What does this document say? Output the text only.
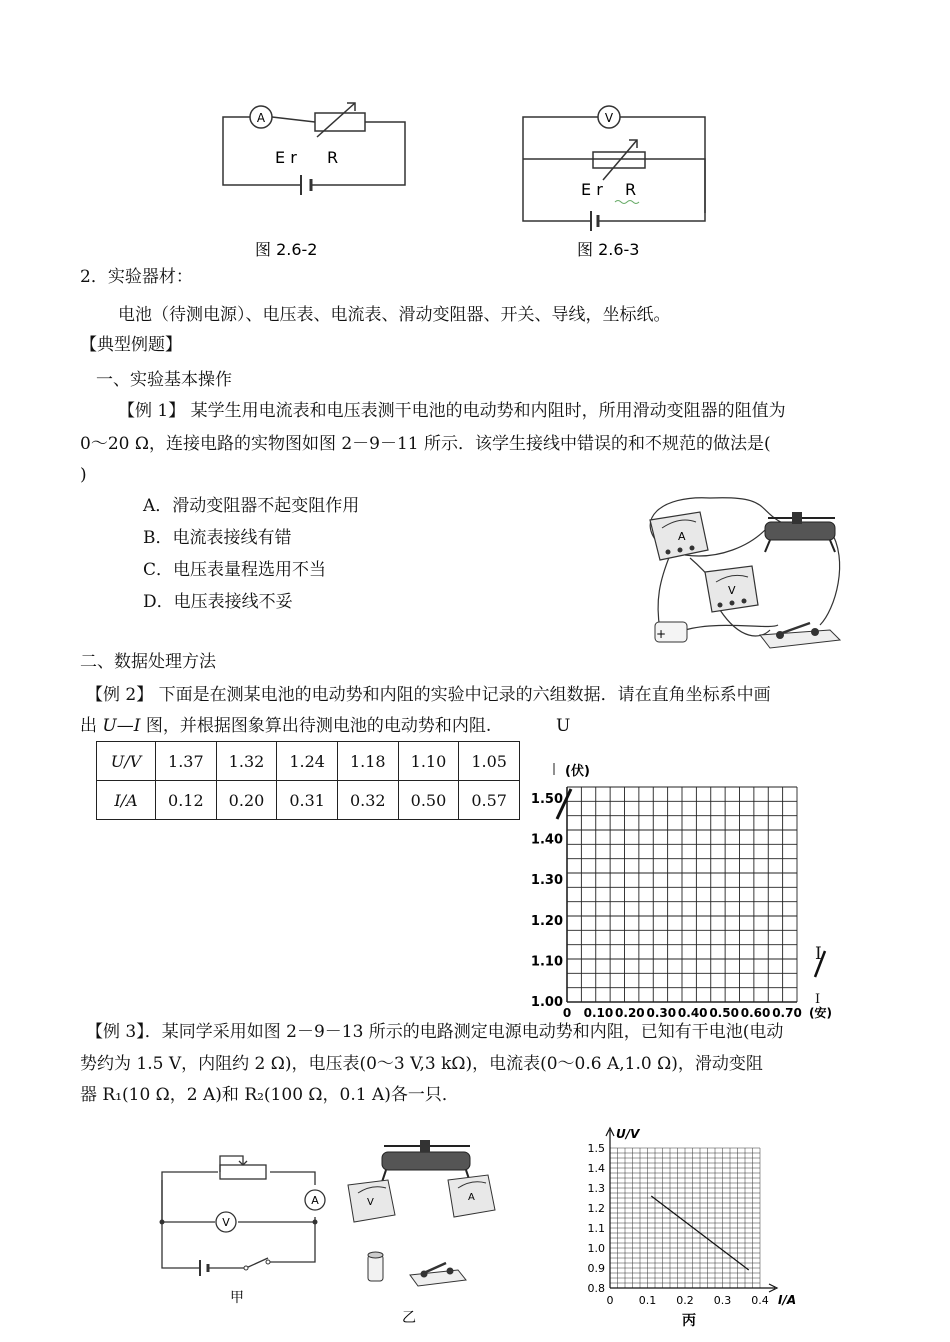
A
E r R
图 2.6-2
V
E r R
图 2.6-3
2．实验器材：
电池（待测电源）、电压表、电流表、滑动变阻器、开关、导线，坐标纸。
【典型例题】
一、实验基本操作
【例 1】 某学生用电流表和电压表测干电池的电动势和内阻时，所用滑动变阻器的阻值为
0～20 Ω，连接电路的实物图如图 2－9－11 所示．该学生接线中错误的和不规范的做法是(
)
A．滑动变阻器不起变阻作用
B．电流表接线有错
C．电压表量程选用不当
D．电压表接线不妥
A
V
+
二、数据处理方法
【例 2】 下面是在测某电池的电动势和内阻的实验中记录的六组数据．请在直角坐标系中画
出 U—I 图，并根据图象算出待测电池的电动势和内阻.	U
U/V	1.37	1.32	1.24	1.18	1.10	1.05
I/A	0.12	0.20	0.31	0.32	0.50	0.57
(伏)
1.50
1.40
1.30
1.20
1.10
1.00
0 0.10 0.20 0.30 0.40 0.50 0.60 0.70 (安)
I
I
【例 3】．某同学采用如图 2－9－13 所示的电路测定电源电动势和内阻，已知有干电池(电动
势约为 1.5 V，内阻约 2 Ω)，电压表(0～3 V,3 kΩ)，电流表(0～0.6 A,1.0 Ω)，滑动变阻
器 R₁(10 Ω，2 A)和 R₂(100 Ω，0.1 A)各一只．
V
A
甲
V	A
乙
U/V
I/A
0.8
0.9
1.0
1.1
1.2
1.3
1.4
1.5
0 0.1 0.2 0.3 0.4
丙
